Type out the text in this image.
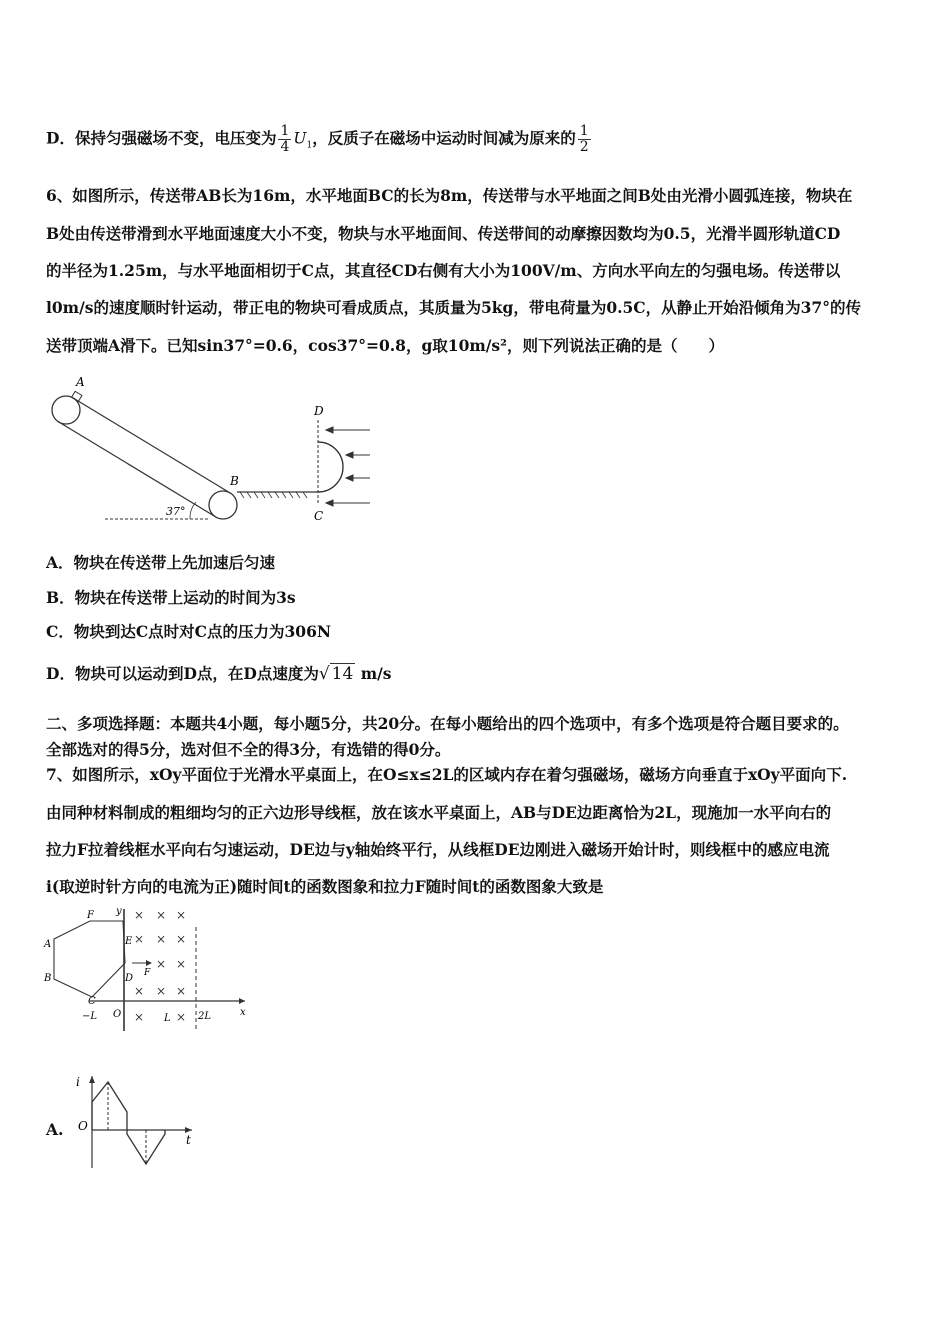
D．保持匀强磁场不变，电压变为 $\frac{1}{4} U_1$，反质子在磁场中运动时间减为原来的 $\frac{1}{2}$
6、如图所示，传送带AB长为16m，水平地面BC的长为8m，传送带与水平地面之间B处由光滑小圆弧连接，物块在
B处由传送带滑到水平地面速度大小不变，物块与水平地面间、传送带间的动摩擦因数均为0.5，光滑半圆形轨道CD
的半径为1.25m，与水平地面相切于C点，其直径CD右侧有大小为100V/m、方向水平向左的匀强电场。传送带以
l0m/s的速度顺时针运动，带正电的物块可看成质点，其质量为5kg，带电荷量为0.5C，从静止开始沿倾角为37°的传
送带顶端A滑下。已知sin37°=0.6，cos37°=0.8，g取10m/s²，则下列说法正确的是（　　）
A
B
C
D
37°
A．物块在传送带上先加速后匀速
B．物块在传送带上运动的时间为3s
C．物块到达C点时对C点的压力为306N
D．物块可以运动到D点，在D点速度为√ 14 m/s
二、多项选择题：本题共4小题，每小题5分，共20分。在每小题给出的四个选项中，有多个选项是符合题目要求的。
全部选对的得5分，选对但不全的得3分，有选错的得0分。
7、如图所示，xOy平面位于光滑水平桌面上，在O≤x≤2L的区域内存在着匀强磁场，磁场方向垂直于xOy平面向下.
由同种材料制成的粗细均匀的正六边形导线框，放在该水平桌面上，AB与DE边距离恰为2L，现施加一水平向右的
拉力F拉着线框水平向右匀速运动，DE边与y轴始终平行，从线框DE边刚进入磁场开始计时，则线框中的感应电流
i(取逆时针方向的电流为正)随时间t的函数图象和拉力F随时间t的函数图象大致是
× × ×
× × ×
× ×
× × ×
×	×
F
E
A
B	D
C
y
x
O
−L	L	2L
F
A.
i
O
t
